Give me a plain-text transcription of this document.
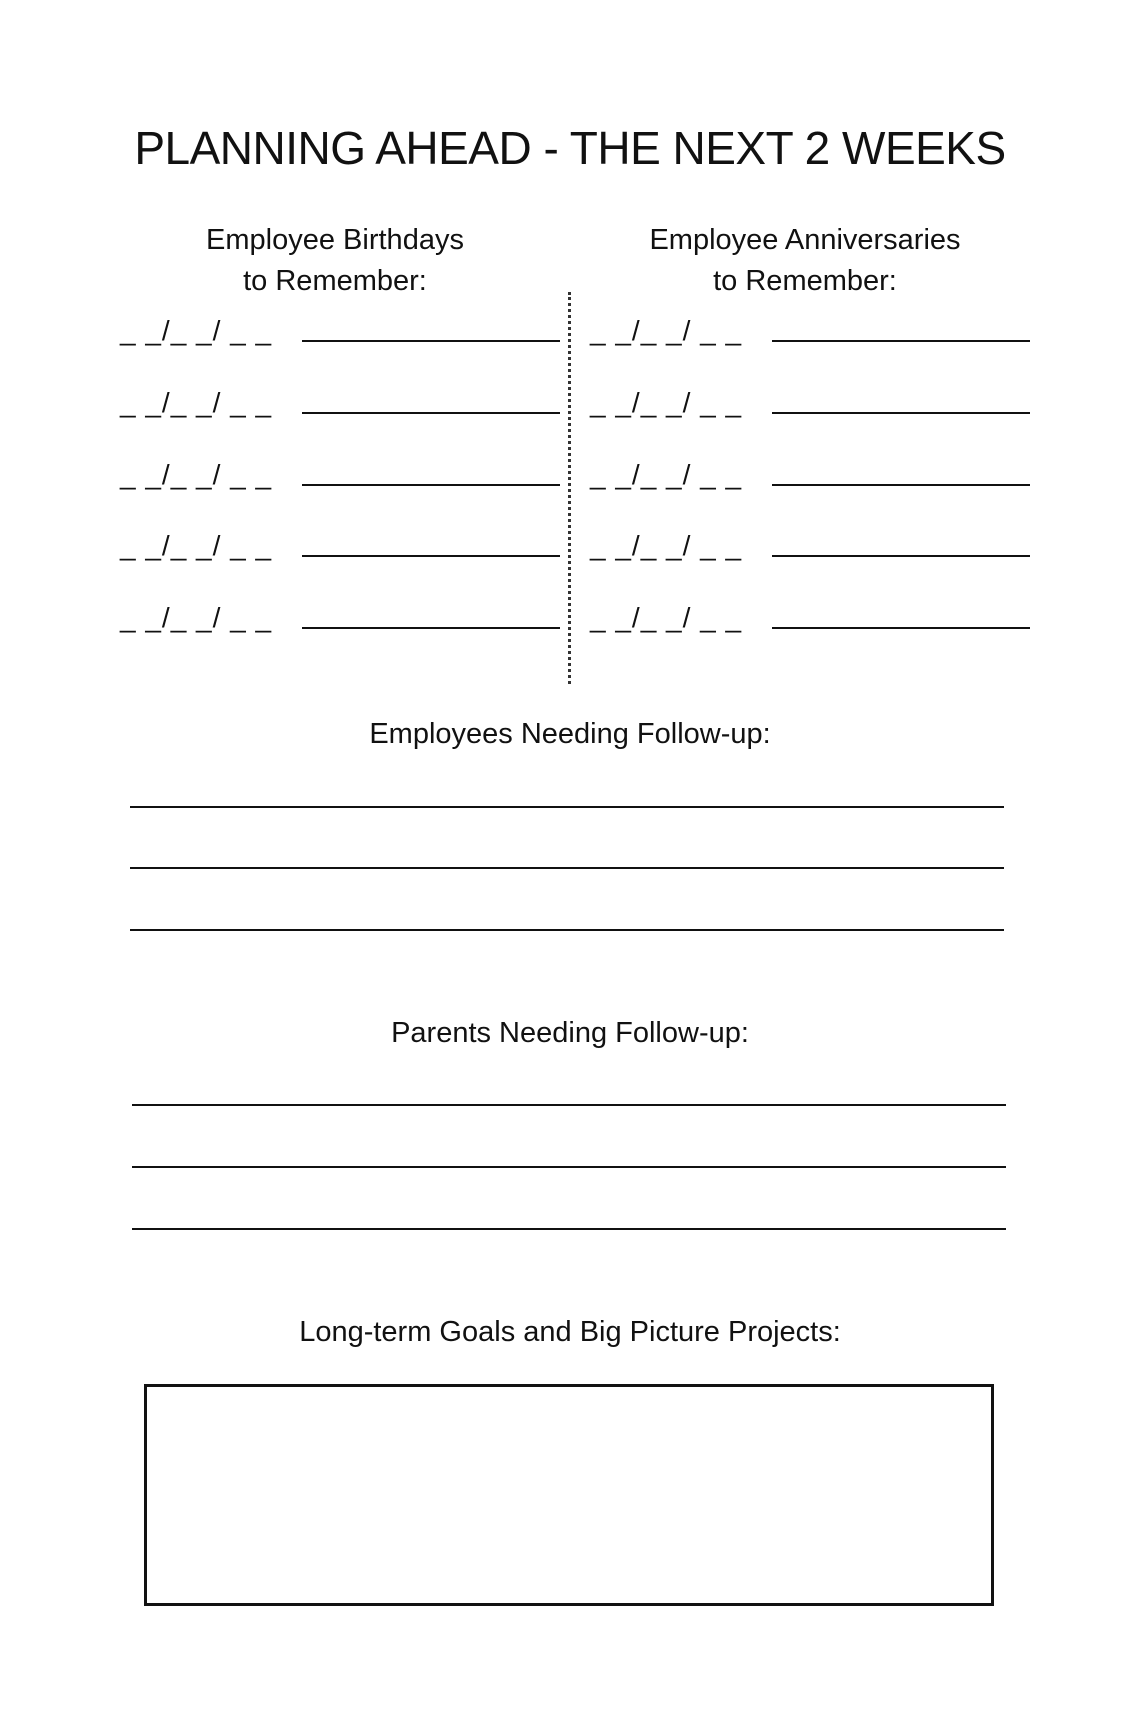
PLANNING AHEAD - THE NEXT 2 WEEKS
Employee Birthdays
to Remember:
Employee Anniversaries
to Remember:
_ _/_ _/ _ _
_ _/_ _/ _ _
_ _/_ _/ _ _
_ _/_ _/ _ _
_ _/_ _/ _ _
_ _/_ _/ _ _
_ _/_ _/ _ _
_ _/_ _/ _ _
_ _/_ _/ _ _
_ _/_ _/ _ _
Employees Needing Follow-up:
Parents Needing Follow-up:
Long-term Goals and Big Picture Projects:
